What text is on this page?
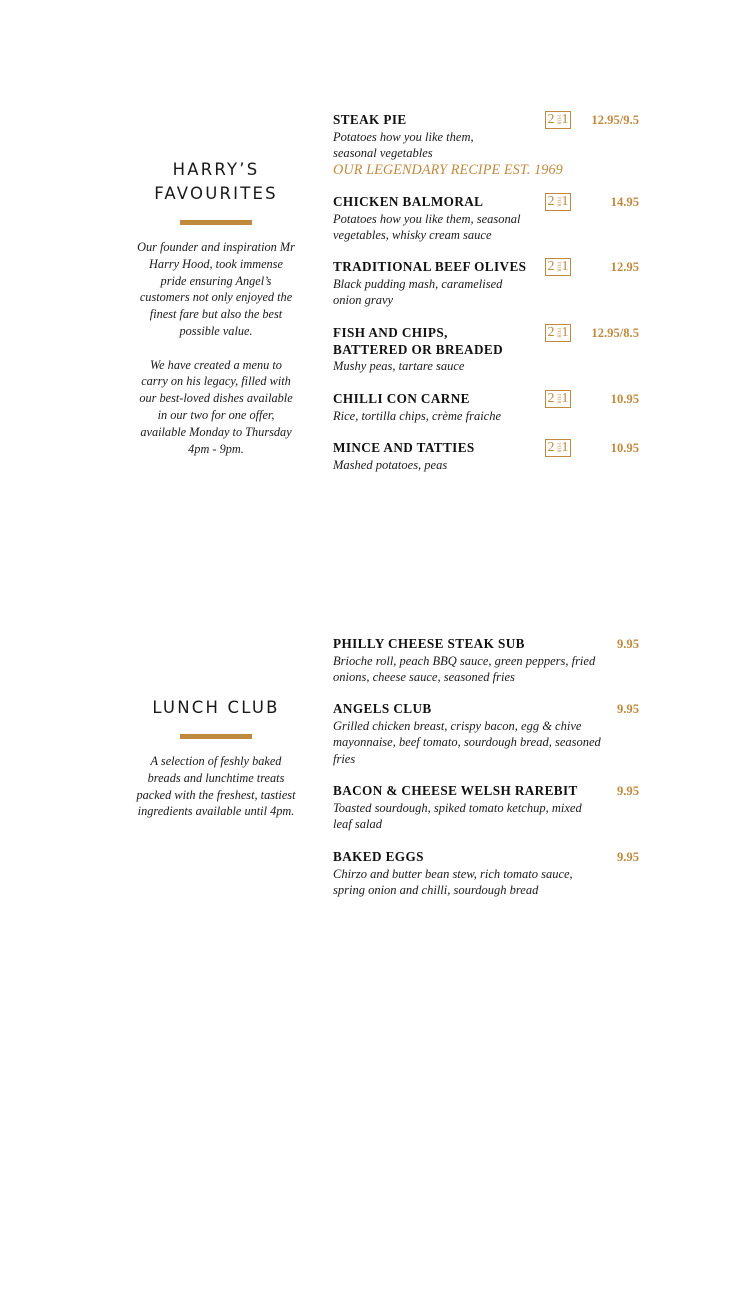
HARRY’S
FAVOURITES

Our founder and inspiration Mr Harry Hood, took immense pride ensuring Angel’s customers not only enjoyed the finest fare but also the best possible value.

We have created a menu to carry on his legacy, filled with our best-loved dishes available in our two for one offer, available Monday to Thursday 4pm - 9pm.

STEAK PIE
Potatoes how you like them, seasonal vegetables
OUR LEGENDARY RECIPE EST. 1969
2 FOR 1 12.95/9.5
CHICKEN BALMORAL
Potatoes how you like them, seasonal vegetables, whisky cream sauce
2 FOR 1	14.95
TRADITIONAL BEEF OLIVES
Black pudding mash, caramelised onion gravy
2 FOR 1	12.95
FISH AND CHIPS, BATTERED OR BREADED
Mushy peas, tartare sauce
2 FOR 1 12.95/8.5
CHILLI CON CARNE
Rice, tortilla chips, crème fraiche
2 FOR 1	10.95
MINCE AND TATTIES
Mashed potatoes, peas
2 FOR 1	10.95
LUNCH CLUB

A selection of feshly baked breads and lunchtime treats packed with the freshest, tastiest ingredients available until 4pm.

PHILLY CHEESE STEAK SUB
Brioche roll, peach BBQ sauce, green peppers, fried onions, cheese sauce, seasoned fries
9.95
ANGELS CLUB
Grilled chicken breast, crispy bacon, egg & chive mayonnaise, beef tomato, sourdough bread, seasoned fries
9.95
BACON & CHEESE WELSH RAREBIT
Toasted sourdough, spiked tomato ketchup, mixed leaf salad
9.95
BAKED EGGS
Chirzo and butter bean stew, rich tomato sauce, spring onion and chilli, sourdough bread
9.95
